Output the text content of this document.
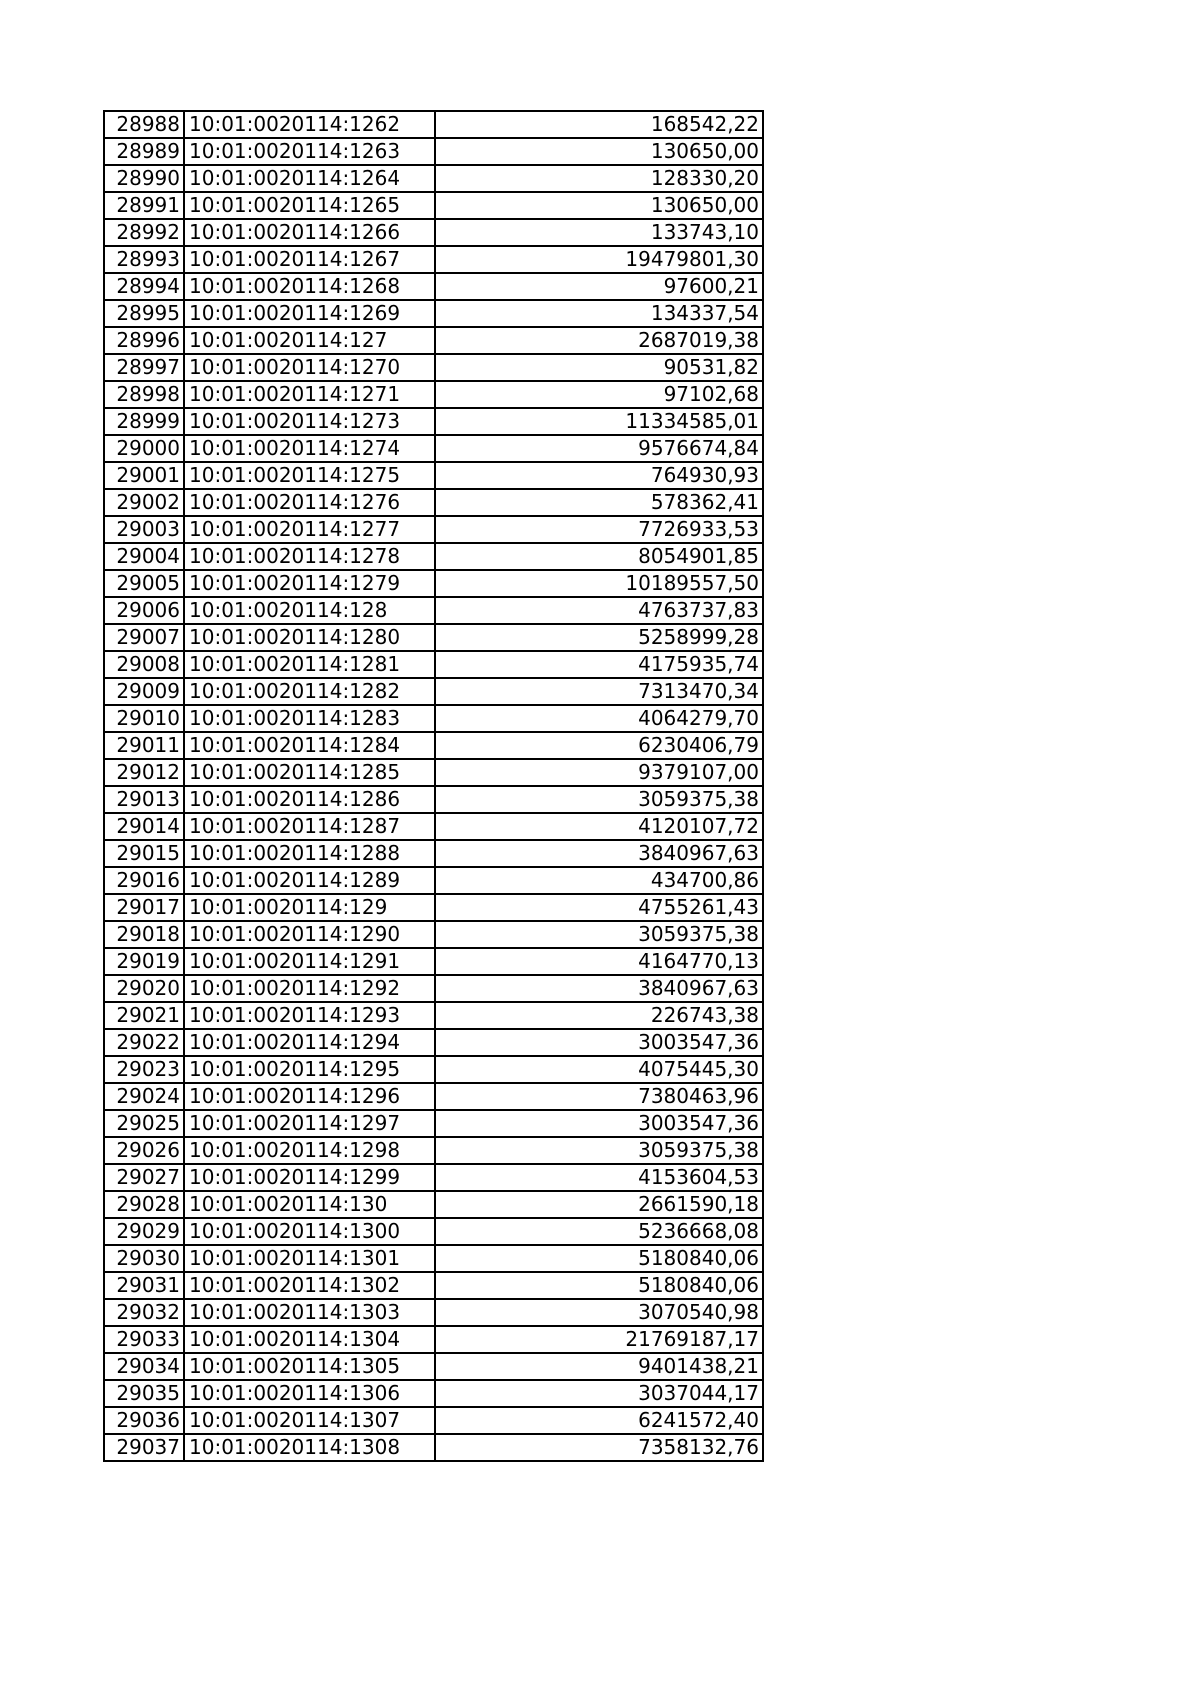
28988	10:01:0020114:1262	168542,22
28989	10:01:0020114:1263	130650,00
28990	10:01:0020114:1264	128330,20
28991	10:01:0020114:1265	130650,00
28992	10:01:0020114:1266	133743,10
28993	10:01:0020114:1267	19479801,30
28994	10:01:0020114:1268	97600,21
28995	10:01:0020114:1269	134337,54
28996	10:01:0020114:127	2687019,38
28997	10:01:0020114:1270	90531,82
28998	10:01:0020114:1271	97102,68
28999	10:01:0020114:1273	11334585,01
29000	10:01:0020114:1274	9576674,84
29001	10:01:0020114:1275	764930,93
29002	10:01:0020114:1276	578362,41
29003	10:01:0020114:1277	7726933,53
29004	10:01:0020114:1278	8054901,85
29005	10:01:0020114:1279	10189557,50
29006	10:01:0020114:128	4763737,83
29007	10:01:0020114:1280	5258999,28
29008	10:01:0020114:1281	4175935,74
29009	10:01:0020114:1282	7313470,34
29010	10:01:0020114:1283	4064279,70
29011	10:01:0020114:1284	6230406,79
29012	10:01:0020114:1285	9379107,00
29013	10:01:0020114:1286	3059375,38
29014	10:01:0020114:1287	4120107,72
29015	10:01:0020114:1288	3840967,63
29016	10:01:0020114:1289	434700,86
29017	10:01:0020114:129	4755261,43
29018	10:01:0020114:1290	3059375,38
29019	10:01:0020114:1291	4164770,13
29020	10:01:0020114:1292	3840967,63
29021	10:01:0020114:1293	226743,38
29022	10:01:0020114:1294	3003547,36
29023	10:01:0020114:1295	4075445,30
29024	10:01:0020114:1296	7380463,96
29025	10:01:0020114:1297	3003547,36
29026	10:01:0020114:1298	3059375,38
29027	10:01:0020114:1299	4153604,53
29028	10:01:0020114:130	2661590,18
29029	10:01:0020114:1300	5236668,08
29030	10:01:0020114:1301	5180840,06
29031	10:01:0020114:1302	5180840,06
29032	10:01:0020114:1303	3070540,98
29033	10:01:0020114:1304	21769187,17
29034	10:01:0020114:1305	9401438,21
29035	10:01:0020114:1306	3037044,17
29036	10:01:0020114:1307	6241572,40
29037	10:01:0020114:1308	7358132,76
